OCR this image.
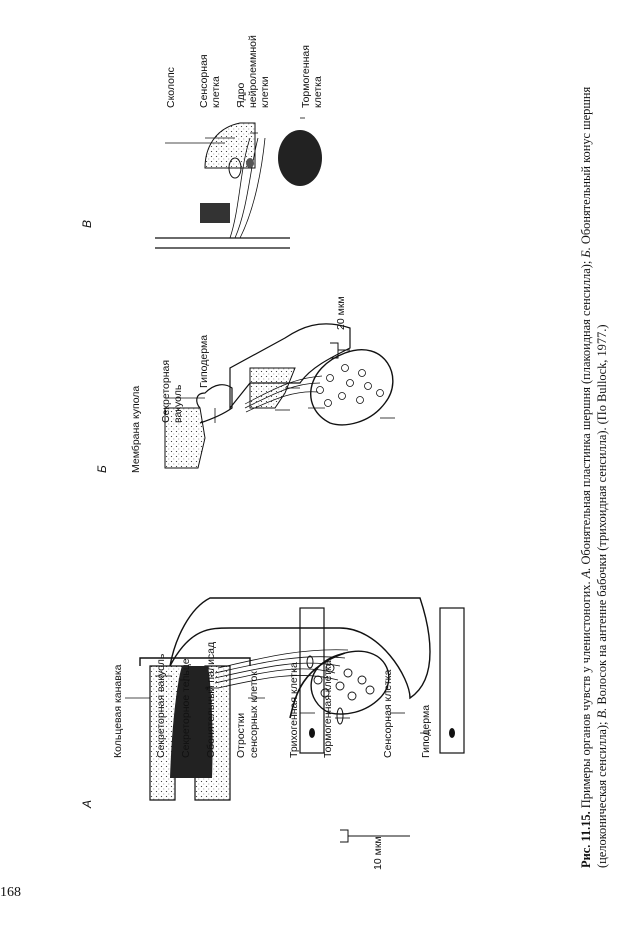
А
Б
В
Кольцевая канавка	Секреторная вакуоль Секреторное тельце Обонятельный палисад Отростки сенсорных клеток	Трихогенная клетка Тормогенная клетка	Сенсорная клетка Гиподерма
10 мкм
Мембрана купола Секреторная вакуоль
Гиподерма
20 мкм
Сколопс Сенсорная клетка Ядро нейролеммной клетки	Тормогенная клетка
Рис. 11.15. Примеры органов чувств у членистоногих. А. Обонятельная пластинка шершня (плакоидная сенсилла); Б. Обонятельный конус шершня (целоконическая сенсилла); В. Волосок на антенне бабочки (трихоидная сенсилла). (По Bullock, 1977.)
168
